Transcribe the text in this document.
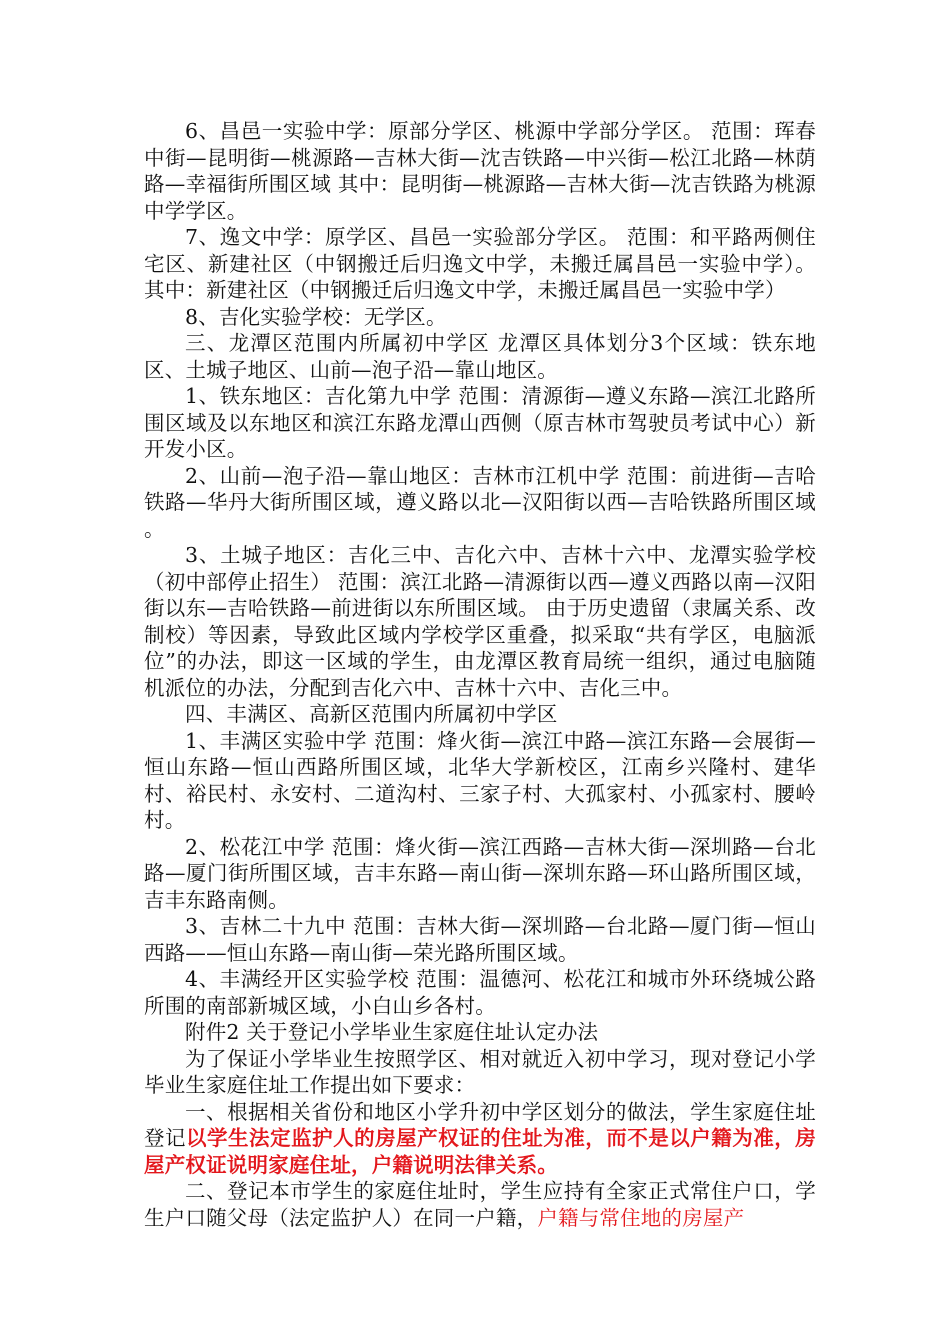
6、昌邑一实验中学：原部分学区、桃源中学部分学区。 范围：珲春中街—昆明街—桃源路—吉林大街—沈吉铁路—中兴街—松江北路—林荫路—幸福街所围区域 其中：昆明街—桃源路—吉林大街—沈吉铁路为桃源中学学区。

7、逸文中学：原学区、昌邑一实验部分学区。 范围：和平路两侧住宅区、新建社区（中钢搬迁后归逸文中学，未搬迁属昌邑一实验中学）。其中：新建社区（中钢搬迁后归逸文中学，未搬迁属昌邑一实验中学）

8、吉化实验学校：无学区。

三、龙潭区范围内所属初中学区 龙潭区具体划分3个区域：铁东地区、土城子地区、山前—泡子沿—靠山地区。

1、铁东地区：吉化第九中学 范围：清源街—遵义东路—滨江北路所围区域及以东地区和滨江东路龙潭山西侧（原吉林市驾驶员考试中心）新开发小区。

2、山前—泡子沿—靠山地区：吉林市江机中学 范围：前进街—吉哈铁路—华丹大街所围区域，遵义路以北—汉阳街以西—吉哈铁路所围区域 。

3、土城子地区：吉化三中、吉化六中、吉林十六中、龙潭实验学校（初中部停止招生） 范围：滨江北路—清源街以西—遵义西路以南—汉阳街以东—吉哈铁路—前进街以东所围区域。 由于历史遗留（隶属关系、改制校）等因素，导致此区域内学校学区重叠，拟采取“共有学区，电脑派位”的办法，即这一区域的学生，由龙潭区教育局统一组织，通过电脑随机派位的办法，分配到吉化六中、吉林十六中、吉化三中。

四、丰满区、高新区范围内所属初中学区

1、丰满区实验中学 范围：烽火街—滨江中路—滨江东路—会展街—恒山东路—恒山西路所围区域，北华大学新校区，江南乡兴隆村、建华村、裕民村、永安村、二道沟村、三家子村、大孤家村、小孤家村、腰岭村。

2、松花江中学 范围：烽火街—滨江西路—吉林大街—深圳路—台北路—厦门街所围区域，吉丰东路—南山街—深圳东路—环山路所围区域， 吉丰东路南侧。

3、吉林二十九中 范围：吉林大街—深圳路—台北路—厦门街—恒山西路——恒山东路—南山街—荣光路所围区域。

4、丰满经开区实验学校 范围：温德河、松花江和城市外环绕城公路所围的南部新城区域，小白山乡各村。

附件2 关于登记小学毕业生家庭住址认定办法

为了保证小学毕业生按照学区、相对就近入初中学习，现对登记小学毕业生家庭住址工作提出如下要求：

一、根据相关省份和地区小学升初中学区划分的做法，学生家庭住址登记以学生法定监护人的房屋产权证的住址为准，而不是以户籍为准，房屋产权证说明家庭住址，户籍说明法律关系。

二、登记本市学生的家庭住址时，学生应持有全家正式常住户口，学生户口随父母（法定监护人）在同一户籍，户籍与常住地的房屋产
